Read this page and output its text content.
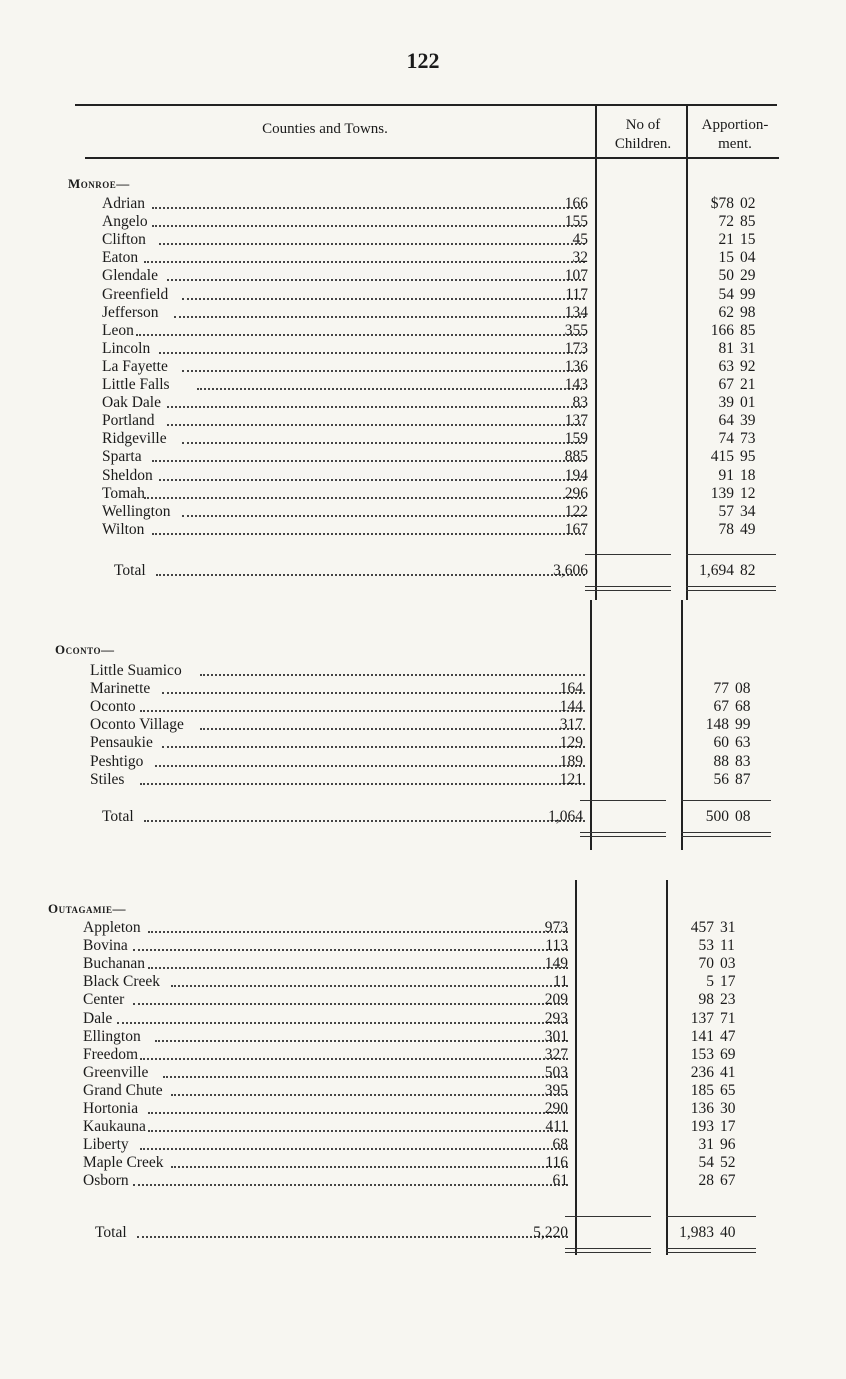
122
Counties and Towns.	No of
Children.
Apportion-
ment.
Monroe—
Adrian	166	$78 02
Angelo	155	72 85
Clifton	45	21 15
Eaton	32	15 04
Glendale	107	50 29
Greenfield	117	54 99
Jefferson	134	62 98
Leon	355	166 85
Lincoln	173	81 31
La Fayette	136	63 92
Little Falls	143	67 21
Oak Dale	83	39 01
Portland	137	64 39
Ridgeville	159	74 73
Sparta	885	415 95
Sheldon	194	91 18
Tomah	296	139 12
Wellington	122	57 34
Wilton	167	78 49
Total	3,606	1,694 82
Oconto—
Little Suamico
Marinette	164	77 08
Oconto	144	67 68
Oconto Village	317	148 99
Pensaukie	129	60 63
Peshtigo	189	88 83
Stiles	121	56 87
Total	1,064	500 08
Outagamie—
Appleton	973	457 31
Bovina	113	53 11
Buchanan	149	70 03
Black Creek	11	5 17
Center	209	98 23
Dale	293	137 71
Ellington	301	141 47
Freedom	327	153 69
Greenville	503	236 41
Grand Chute	395	185 65
Hortonia	290	136 30
Kaukauna	411	193 17
Liberty	68	31 96
Maple Creek	116	54 52
Osborn	61	28 67
Total	5,220	1,983 40
